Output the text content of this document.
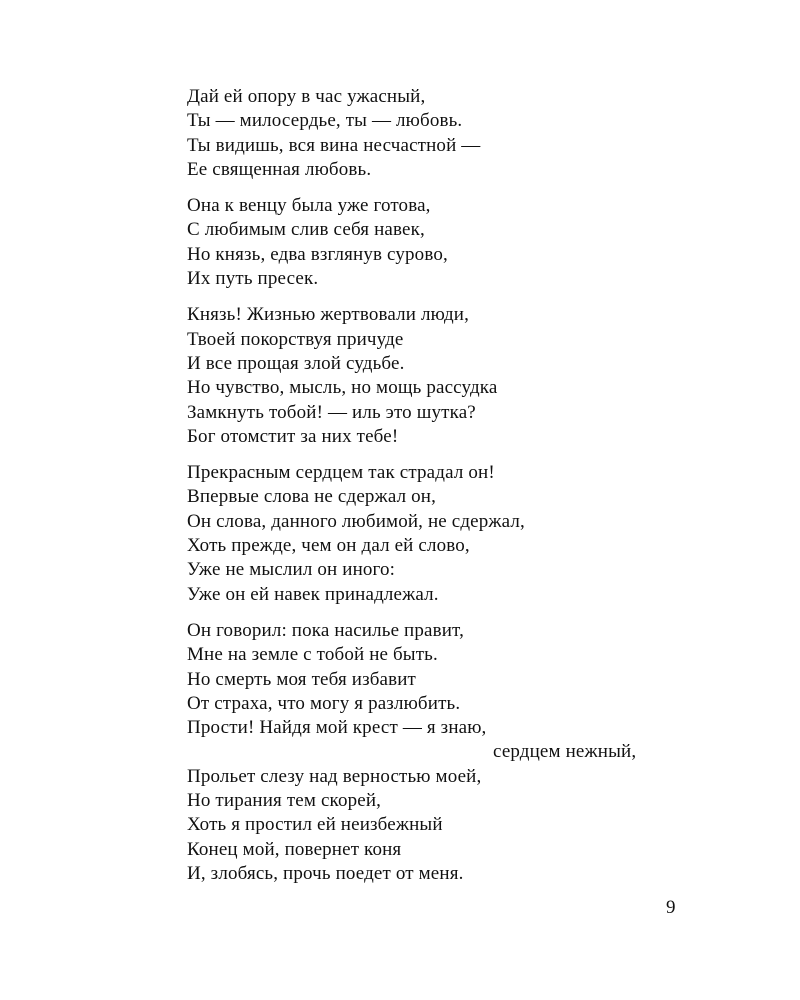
Дай ей опору в час ужасный,
Ты — милосердье, ты — любовь.
Ты видишь, вся вина несчастной —
Ее священная любовь.
Она к венцу была уже готова,
С любимым слив себя навек,
Но князь, едва взглянув сурово,
Их путь пресек.
Князь! Жизнью жертвовали люди,
Твоей покорствуя причуде
И все прощая злой судьбе.
Но чувство, мысль, но мощь рассудка
Замкнуть тобой! — иль это шутка?
Бог отомстит за них тебе!
Прекрасным сердцем так страдал он!
Впервые слова не сдержал он,
Он слова, данного любимой, не сдержал,
Хоть прежде, чем он дал ей слово,
Уже не мыслил он иного:
Уже он ей навек принадлежал.
Он говорил: пока насилье правит,
Мне на земле с тобой не быть.
Но смерть моя тебя избавит
От страха, что могу я разлюбить.
Прости! Найдя мой крест — я знаю,
сердцем нежный,
Прольет слезу над верностью моей,
Но тирания тем скорей,
Хоть я простил ей неизбежный
Конец мой, повернет коня
И, злобясь, прочь поедет от меня.
9
